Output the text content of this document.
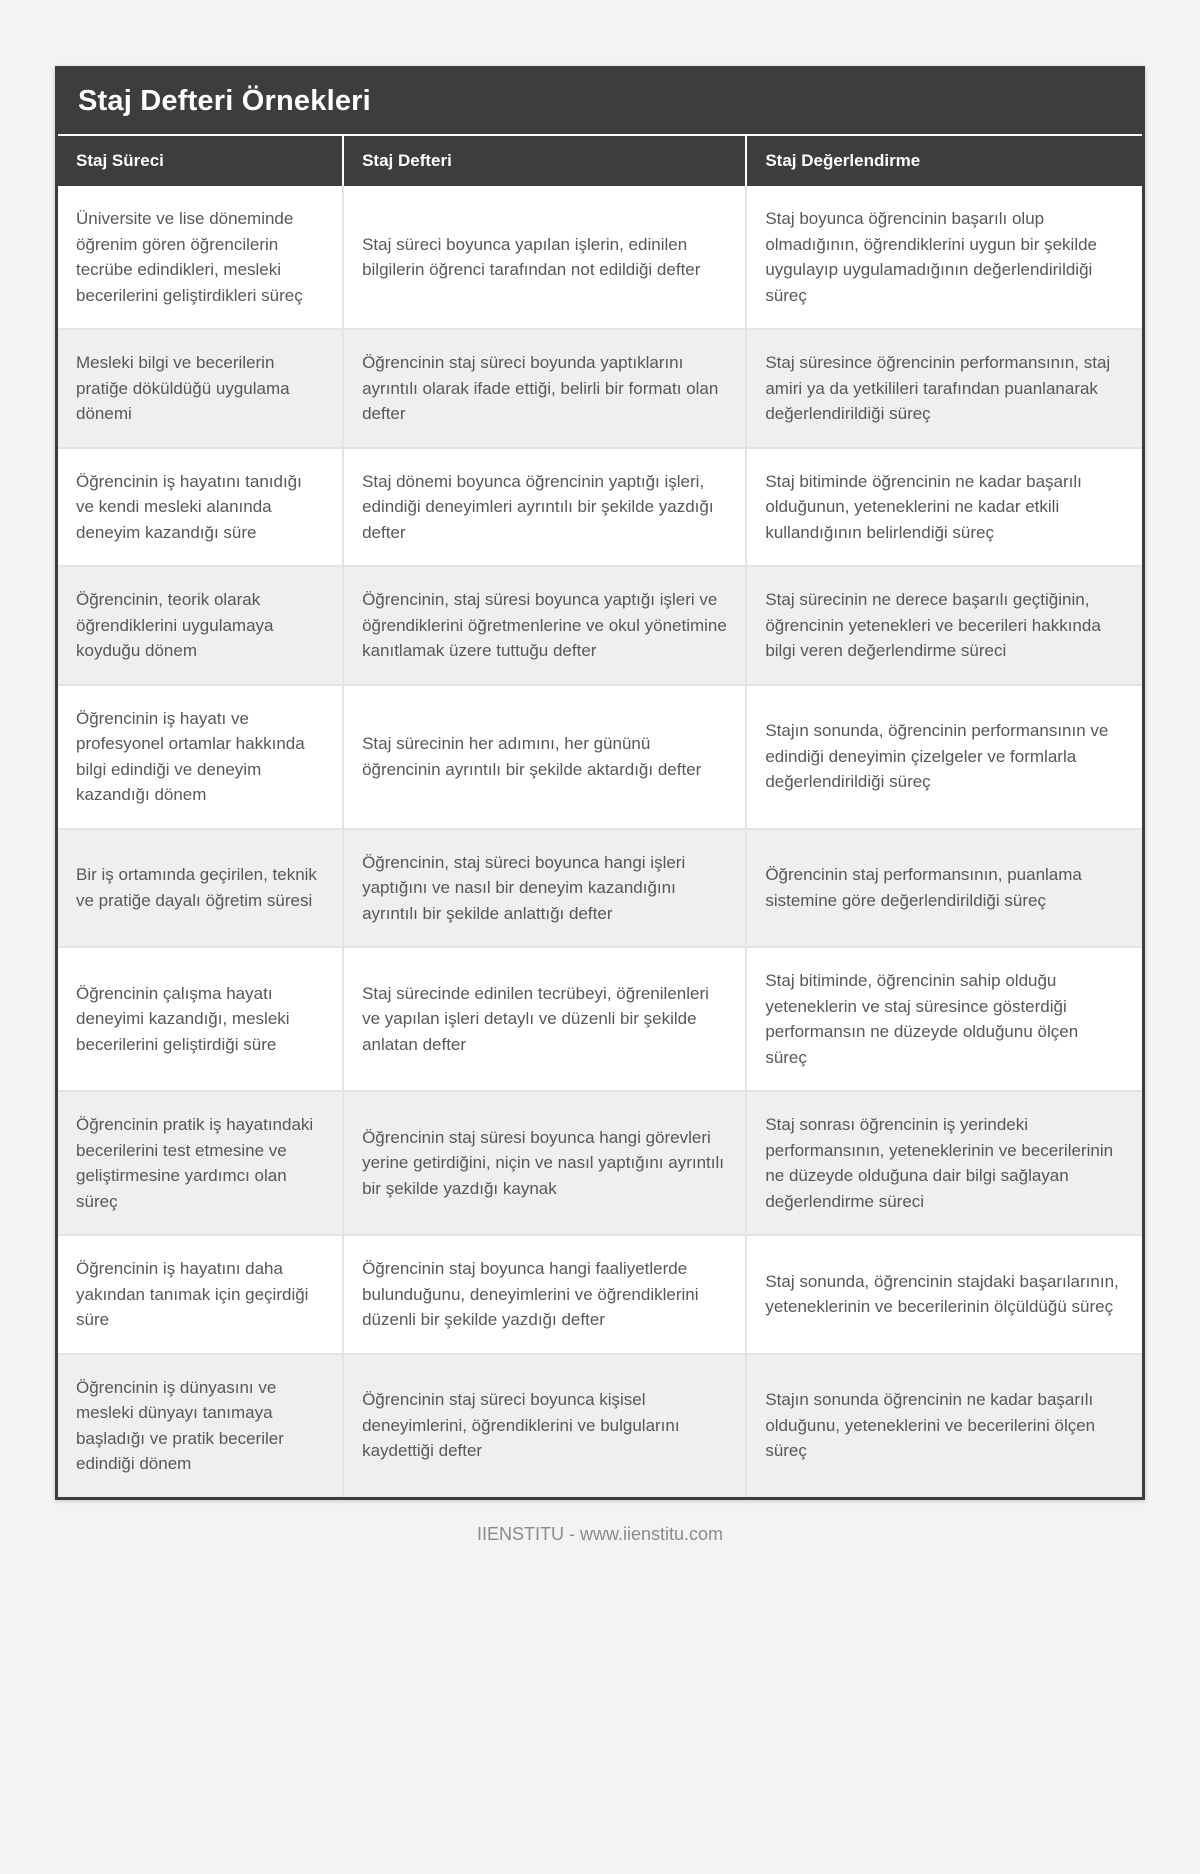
Staj Defteri Örnekleri
Staj Süreci	Staj Defteri	Staj Değerlendirme
Üniversite ve lise döneminde öğrenim gören öğrencilerin tecrübe edindikleri, mesleki becerilerini geliştirdikleri süreç	Staj süreci boyunca yapılan işlerin, edinilen bilgilerin öğrenci tarafından not edildiği defter	Staj boyunca öğrencinin başarılı olup olmadığının, öğrendiklerini uygun bir şekilde uygulayıp uygulamadığının değerlendirildiği süreç
Mesleki bilgi ve becerilerin pratiğe döküldüğü uygulama dönemi	Öğrencinin staj süreci boyunda yaptıklarını ayrıntılı olarak ifade ettiği, belirli bir formatı olan defter	Staj süresince öğrencinin performansının, staj amiri ya da yetkilileri tarafından puanlanarak değerlendirildiği süreç
Öğrencinin iş hayatını tanıdığı ve kendi mesleki alanında deneyim kazandığı süre	Staj dönemi boyunca öğrencinin yaptığı işleri, edindiği deneyimleri ayrıntılı bir şekilde yazdığı defter	Staj bitiminde öğrencinin ne kadar başarılı olduğunun, yeteneklerini ne kadar etkili kullandığının belirlendiği süreç
Öğrencinin, teorik olarak öğrendiklerini uygulamaya koyduğu dönem	Öğrencinin, staj süresi boyunca yaptığı işleri ve öğrendiklerini öğretmenlerine ve okul yönetimine kanıtlamak üzere tuttuğu defter	Staj sürecinin ne derece başarılı geçtiğinin, öğrencinin yetenekleri ve becerileri hakkında bilgi veren değerlendirme süreci
Öğrencinin iş hayatı ve profesyonel ortamlar hakkında bilgi edindiği ve deneyim kazandığı dönem	Staj sürecinin her adımını, her gününü öğrencinin ayrıntılı bir şekilde aktardığı defter	Stajın sonunda, öğrencinin performansının ve edindiği deneyimin çizelgeler ve formlarla değerlendirildiği süreç
Bir iş ortamında geçirilen, teknik ve pratiğe dayalı öğretim süresi	Öğrencinin, staj süreci boyunca hangi işleri yaptığını ve nasıl bir deneyim kazandığını ayrıntılı bir şekilde anlattığı defter	Öğrencinin staj performansının, puanlama sistemine göre değerlendirildiği süreç
Öğrencinin çalışma hayatı deneyimi kazandığı, mesleki becerilerini geliştirdiği süre	Staj sürecinde edinilen tecrübeyi, öğrenilenleri ve yapılan işleri detaylı ve düzenli bir şekilde anlatan defter	Staj bitiminde, öğrencinin sahip olduğu yeteneklerin ve staj süresince gösterdiği performansın ne düzeyde olduğunu ölçen süreç
Öğrencinin pratik iş hayatındaki becerilerini test etmesine ve geliştirmesine yardımcı olan süreç	Öğrencinin staj süresi boyunca hangi görevleri yerine getirdiğini, niçin ve nasıl yaptığını ayrıntılı bir şekilde yazdığı kaynak	Staj sonrası öğrencinin iş yerindeki performansının, yeteneklerinin ve becerilerinin ne düzeyde olduğuna dair bilgi sağlayan değerlendirme süreci
Öğrencinin iş hayatını daha yakından tanımak için geçirdiği süre	Öğrencinin staj boyunca hangi faaliyetlerde bulunduğunu, deneyimlerini ve öğrendiklerini düzenli bir şekilde yazdığı defter	Staj sonunda, öğrencinin stajdaki başarılarının, yeteneklerinin ve becerilerinin ölçüldüğü süreç
Öğrencinin iş dünyasını ve mesleki dünyayı tanımaya başladığı ve pratik beceriler edindiği dönem	Öğrencinin staj süreci boyunca kişisel deneyimlerini, öğrendiklerini ve bulgularını kaydettiği defter	Stajın sonunda öğrencinin ne kadar başarılı olduğunu, yeteneklerini ve becerilerini ölçen süreç
IIENSTITU - www.iienstitu.com
